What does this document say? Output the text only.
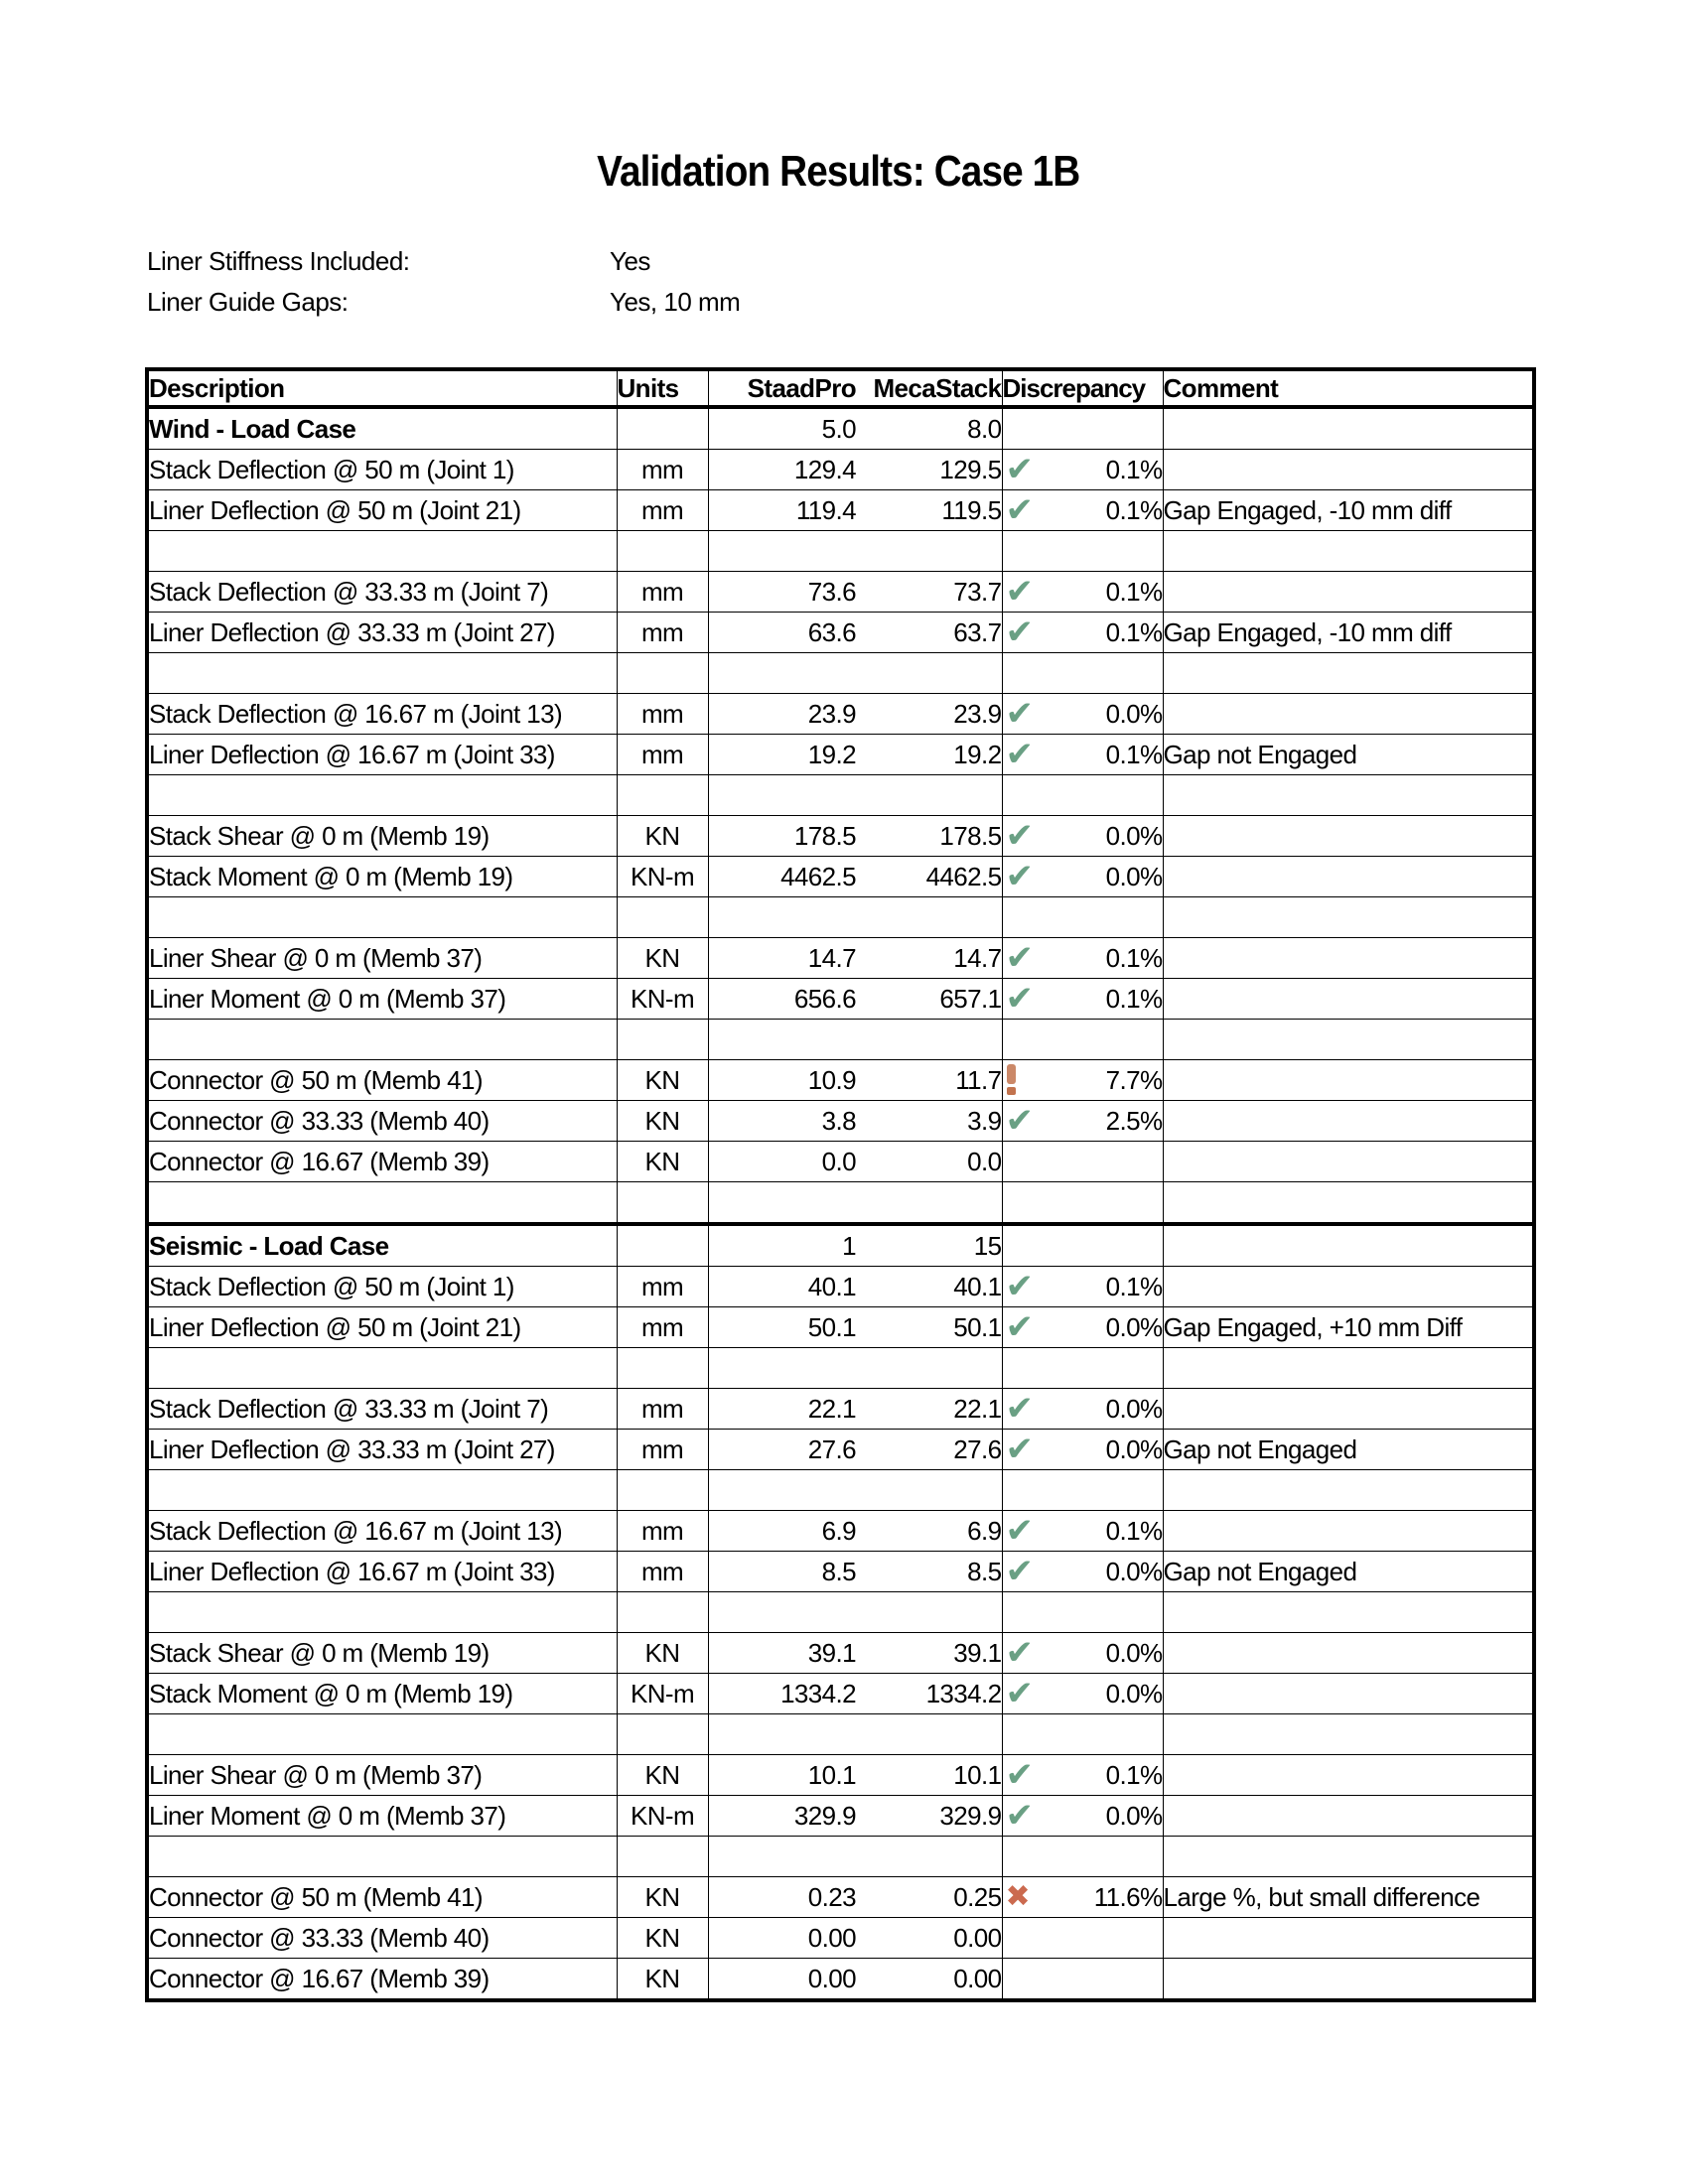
Validation Results: Case 1B
Liner Stiffness Included:	Yes
Liner Guide Gaps:	Yes, 10 mm
Description	Units	StaadPro	MecaStack	Discrepancy	Comment
Wind - Load Case		5.0	8.0		
Stack Deflection @ 50 m (Joint 1)	mm	129.4	129.5	✔ 0.1%	
Liner Deflection @ 50 m (Joint 21)	mm	119.4	119.5	✔ 0.1%	Gap Engaged, -10 mm diff

Stack Deflection @ 33.33 m (Joint 7)	mm	73.6	73.7	✔ 0.1%	
Liner Deflection @ 33.33 m (Joint 27)	mm	63.6	63.7	✔ 0.1%	Gap Engaged, -10 mm diff

Stack Deflection @ 16.67 m (Joint 13)	mm	23.9	23.9	✔ 0.0%	
Liner Deflection @ 16.67 m (Joint 33)	mm	19.2	19.2	✔ 0.1%	Gap not Engaged

Stack Shear @ 0 m (Memb 19)	KN	178.5	178.5	✔ 0.0%	
Stack Moment @ 0 m (Memb 19)	KN-m	4462.5	4462.5	✔ 0.0%	

Liner Shear @ 0 m (Memb 37)	KN	14.7	14.7	✔ 0.1%	
Liner Moment @ 0 m (Memb 37)	KN-m	656.6	657.1	✔ 0.1%	

Connector @ 50 m (Memb 41)	KN	10.9	11.7	7.7%	
Connector @ 33.33 (Memb 40)	KN	3.8	3.9	✔ 2.5%	
Connector @ 16.67 (Memb 39)	KN	0.0	0.0		

Seismic - Load Case		1	15		
Stack Deflection @ 50 m (Joint 1)	mm	40.1	40.1	✔ 0.1%	
Liner Deflection @ 50 m (Joint 21)	mm	50.1	50.1	✔ 0.0%	Gap Engaged, +10 mm Diff

Stack Deflection @ 33.33 m (Joint 7)	mm	22.1	22.1	✔ 0.0%	
Liner Deflection @ 33.33 m (Joint 27)	mm	27.6	27.6	✔ 0.0%	Gap not Engaged

Stack Deflection @ 16.67 m (Joint 13)	mm	6.9	6.9	✔ 0.1%	
Liner Deflection @ 16.67 m (Joint 33)	mm	8.5	8.5	✔ 0.0%	Gap not Engaged

Stack Shear @ 0 m (Memb 19)	KN	39.1	39.1	✔ 0.0%	
Stack Moment @ 0 m (Memb 19)	KN-m	1334.2	1334.2	✔ 0.0%	

Liner Shear @ 0 m (Memb 37)	KN	10.1	10.1	✔ 0.1%	
Liner Moment @ 0 m (Memb 37)	KN-m	329.9	329.9	✔ 0.0%	

Connector @ 50 m (Memb 41)	KN	0.23	0.25	✖ 11.6%	Large %, but small difference
Connector @ 33.33 (Memb 40)	KN	0.00	0.00		
Connector @ 16.67 (Memb 39)	KN	0.00	0.00		
